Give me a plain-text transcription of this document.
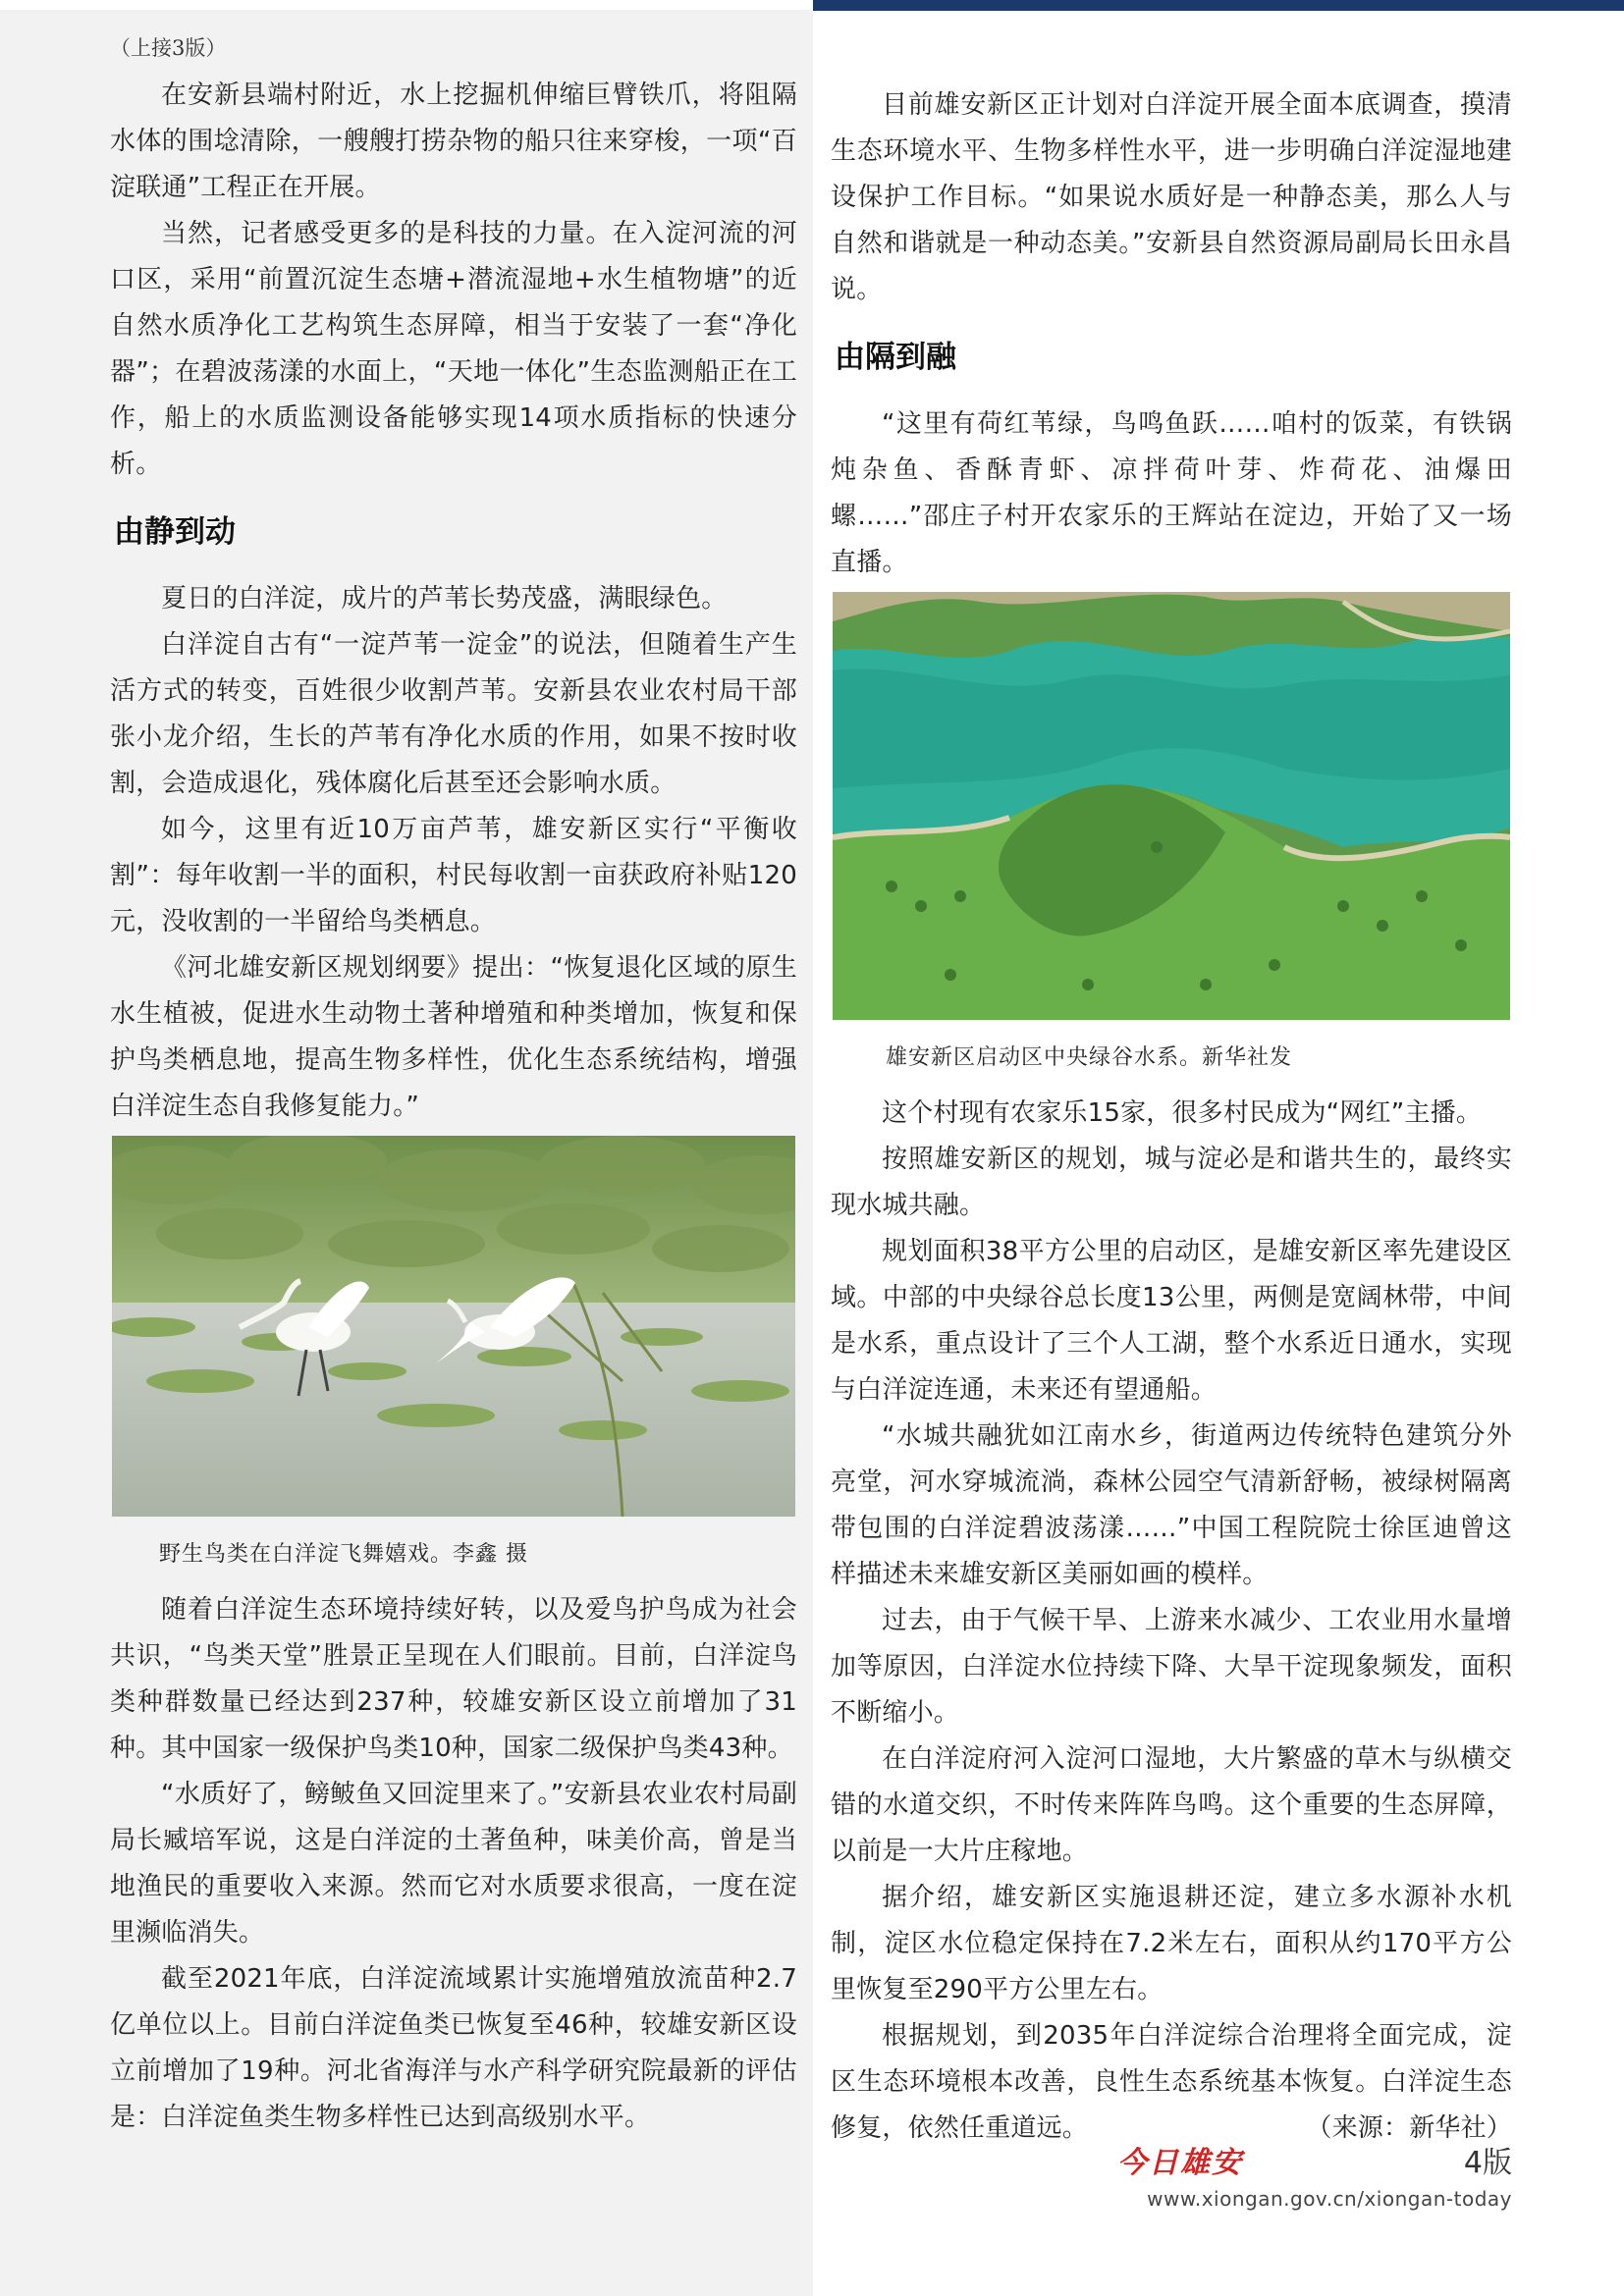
（上接3版）

在安新县端村附近，水上挖掘机伸缩巨臂铁爪，将阻隔水体的围埝清除，一艘艘打捞杂物的船只往来穿梭，一项“百淀联通”工程正在开展。

当然，记者感受更多的是科技的力量。在入淀河流的河口区，采用“前置沉淀生态塘+潜流湿地+水生植物塘”的近自然水质净化工艺构筑生态屏障，相当于安装了一套“净化器”；在碧波荡漾的水面上，“天地一体化”生态监测船正在工作，船上的水质监测设备能够实现14项水质指标的快速分析。

由静到动

夏日的白洋淀，成片的芦苇长势茂盛，满眼绿色。

白洋淀自古有“一淀芦苇一淀金”的说法，但随着生产生活方式的转变，百姓很少收割芦苇。安新县农业农村局干部张小龙介绍，生长的芦苇有净化水质的作用，如果不按时收割，会造成退化，残体腐化后甚至还会影响水质。

如今，这里有近10万亩芦苇，雄安新区实行“平衡收割”：每年收割一半的面积，村民每收割一亩获政府补贴120元，没收割的一半留给鸟类栖息。

《河北雄安新区规划纲要》提出：“恢复退化区域的原生水生植被，促进水生动物土著种增殖和种类增加，恢复和保护鸟类栖息地，提高生物多样性，优化生态系统结构，增强白洋淀生态自我修复能力。”

野生鸟类在白洋淀飞舞嬉戏。李鑫 摄

随着白洋淀生态环境持续好转，以及爱鸟护鸟成为社会共识，“鸟类天堂”胜景正呈现在人们眼前。目前，白洋淀鸟类种群数量已经达到237种，较雄安新区设立前增加了31种。其中国家一级保护鸟类10种，国家二级保护鸟类43种。

“水质好了，鳑鲏鱼又回淀里来了。”安新县农业农村局副局长臧培军说，这是白洋淀的土著鱼种，味美价高，曾是当地渔民的重要收入来源。然而它对水质要求很高，一度在淀里濒临消失。

截至2021年底，白洋淀流域累计实施增殖放流苗种2.7亿单位以上。目前白洋淀鱼类已恢复至46种，较雄安新区设立前增加了19种。河北省海洋与水产科学研究院最新的评估是：白洋淀鱼类生物多样性已达到高级别水平。

目前雄安新区正计划对白洋淀开展全面本底调查，摸清生态环境水平、生物多样性水平，进一步明确白洋淀湿地建设保护工作目标。“如果说水质好是一种静态美，那么人与自然和谐就是一种动态美。”安新县自然资源局副局长田永昌说。

由隔到融

“这里有荷红苇绿，鸟鸣鱼跃……咱村的饭菜，有铁锅炖杂鱼、香酥青虾、凉拌荷叶芽、炸荷花、油爆田螺……”邵庄子村开农家乐的王辉站在淀边，开始了又一场直播。

雄安新区启动区中央绿谷水系。新华社发

这个村现有农家乐15家，很多村民成为“网红”主播。

按照雄安新区的规划，城与淀必是和谐共生的，最终实现水城共融。

规划面积38平方公里的启动区，是雄安新区率先建设区域。中部的中央绿谷总长度13公里，两侧是宽阔林带，中间是水系，重点设计了三个人工湖，整个水系近日通水，实现与白洋淀连通，未来还有望通船。

“水城共融犹如江南水乡，街道两边传统特色建筑分外亮堂，河水穿城流淌，森林公园空气清新舒畅，被绿树隔离带包围的白洋淀碧波荡漾……”中国工程院院士徐匡迪曾这样描述未来雄安新区美丽如画的模样。

过去，由于气候干旱、上游来水减少、工农业用水量增加等原因，白洋淀水位持续下降、大旱干淀现象频发，面积不断缩小。

在白洋淀府河入淀河口湿地，大片繁盛的草木与纵横交错的水道交织，不时传来阵阵鸟鸣。这个重要的生态屏障，以前是一大片庄稼地。

据介绍，雄安新区实施退耕还淀，建立多水源补水机制，淀区水位稳定保持在7.2米左右，面积从约170平方公里恢复至290平方公里左右。

根据规划，到2035年白洋淀综合治理将全面完成，淀区生态环境根本改善，良性生态系统基本恢复。白洋淀生态修复，依然任重道远。	（来源：新华社）

今日雄安	4版
www.xiongan.gov.cn/xiongan-today
